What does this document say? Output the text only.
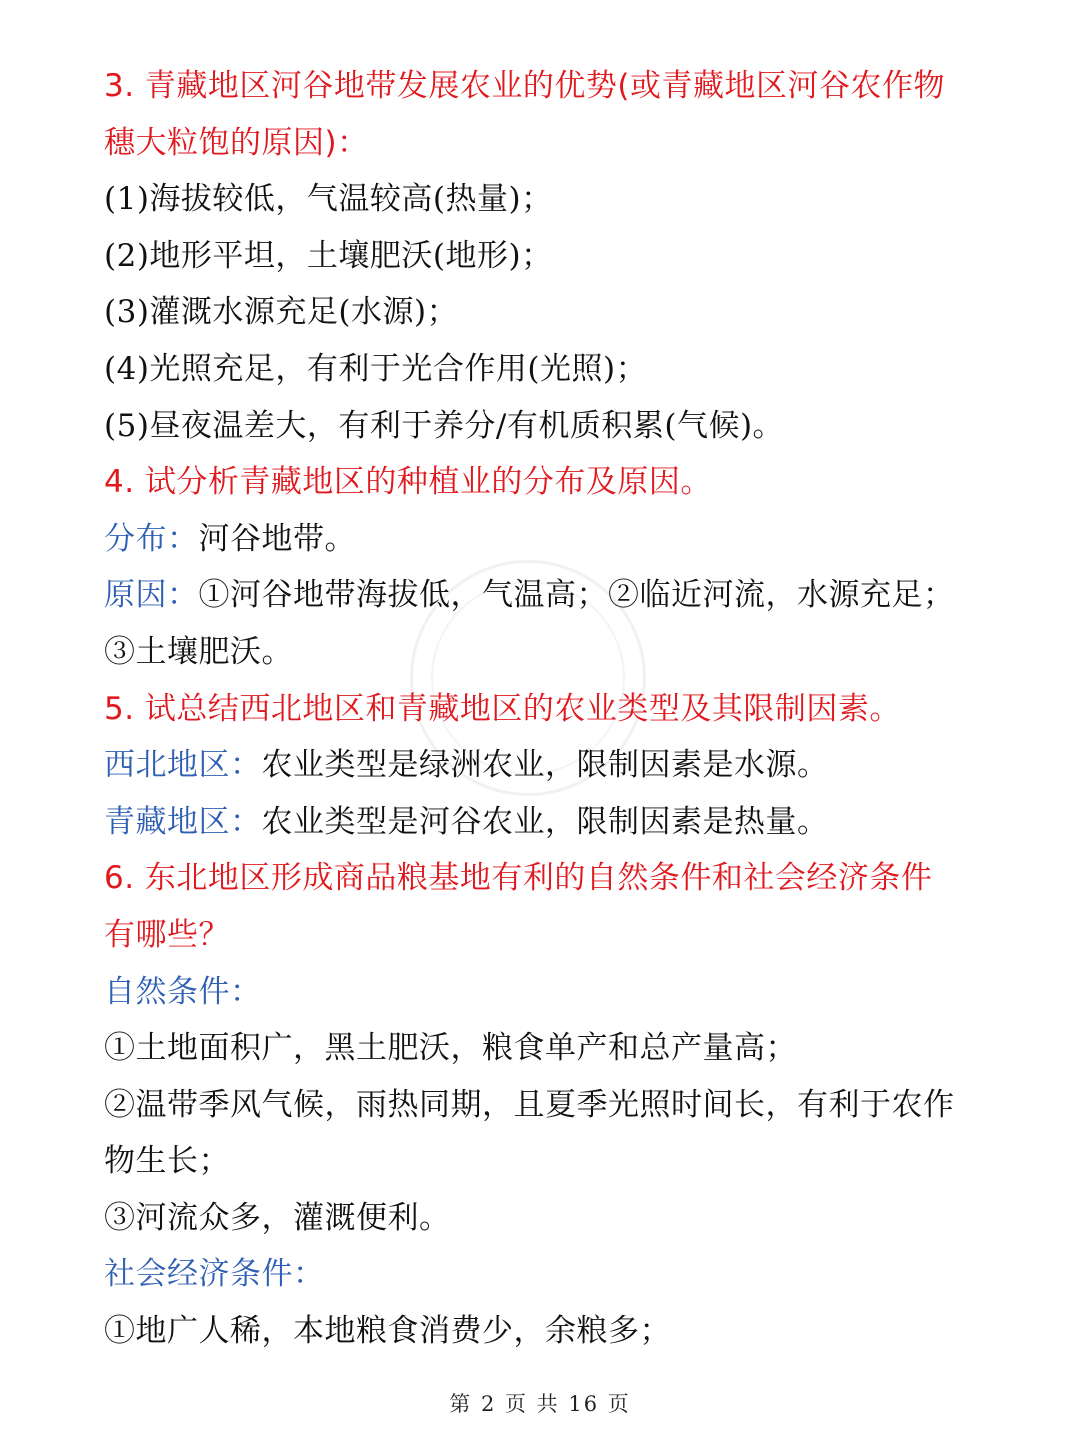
3. 青藏地区河谷地带发展农业的优势(或青藏地区河谷农作物
穗大粒饱的原因)：
(1)海拔较低，气温较高(热量)；
(2)地形平坦，土壤肥沃(地形)；
(3)灌溉水源充足(水源)；
(4)光照充足，有利于光合作用(光照)；
(5)昼夜温差大，有利于养分/有机质积累(气候)。
4. 试分析青藏地区的种植业的分布及原因。
分布：河谷地带。
原因：①河谷地带海拔低，气温高；②临近河流，水源充足；
③土壤肥沃。
5. 试总结西北地区和青藏地区的农业类型及其限制因素。
西北地区：农业类型是绿洲农业，限制因素是水源。
青藏地区：农业类型是河谷农业，限制因素是热量。
6. 东北地区形成商品粮基地有利的自然条件和社会经济条件
有哪些？
自然条件：
①土地面积广，黑土肥沃，粮食单产和总产量高；
②温带季风气候，雨热同期，且夏季光照时间长，有利于农作
物生长；
③河流众多，灌溉便利。
社会经济条件：
①地广人稀，本地粮食消费少，余粮多；
第 2 页 共 16 页
